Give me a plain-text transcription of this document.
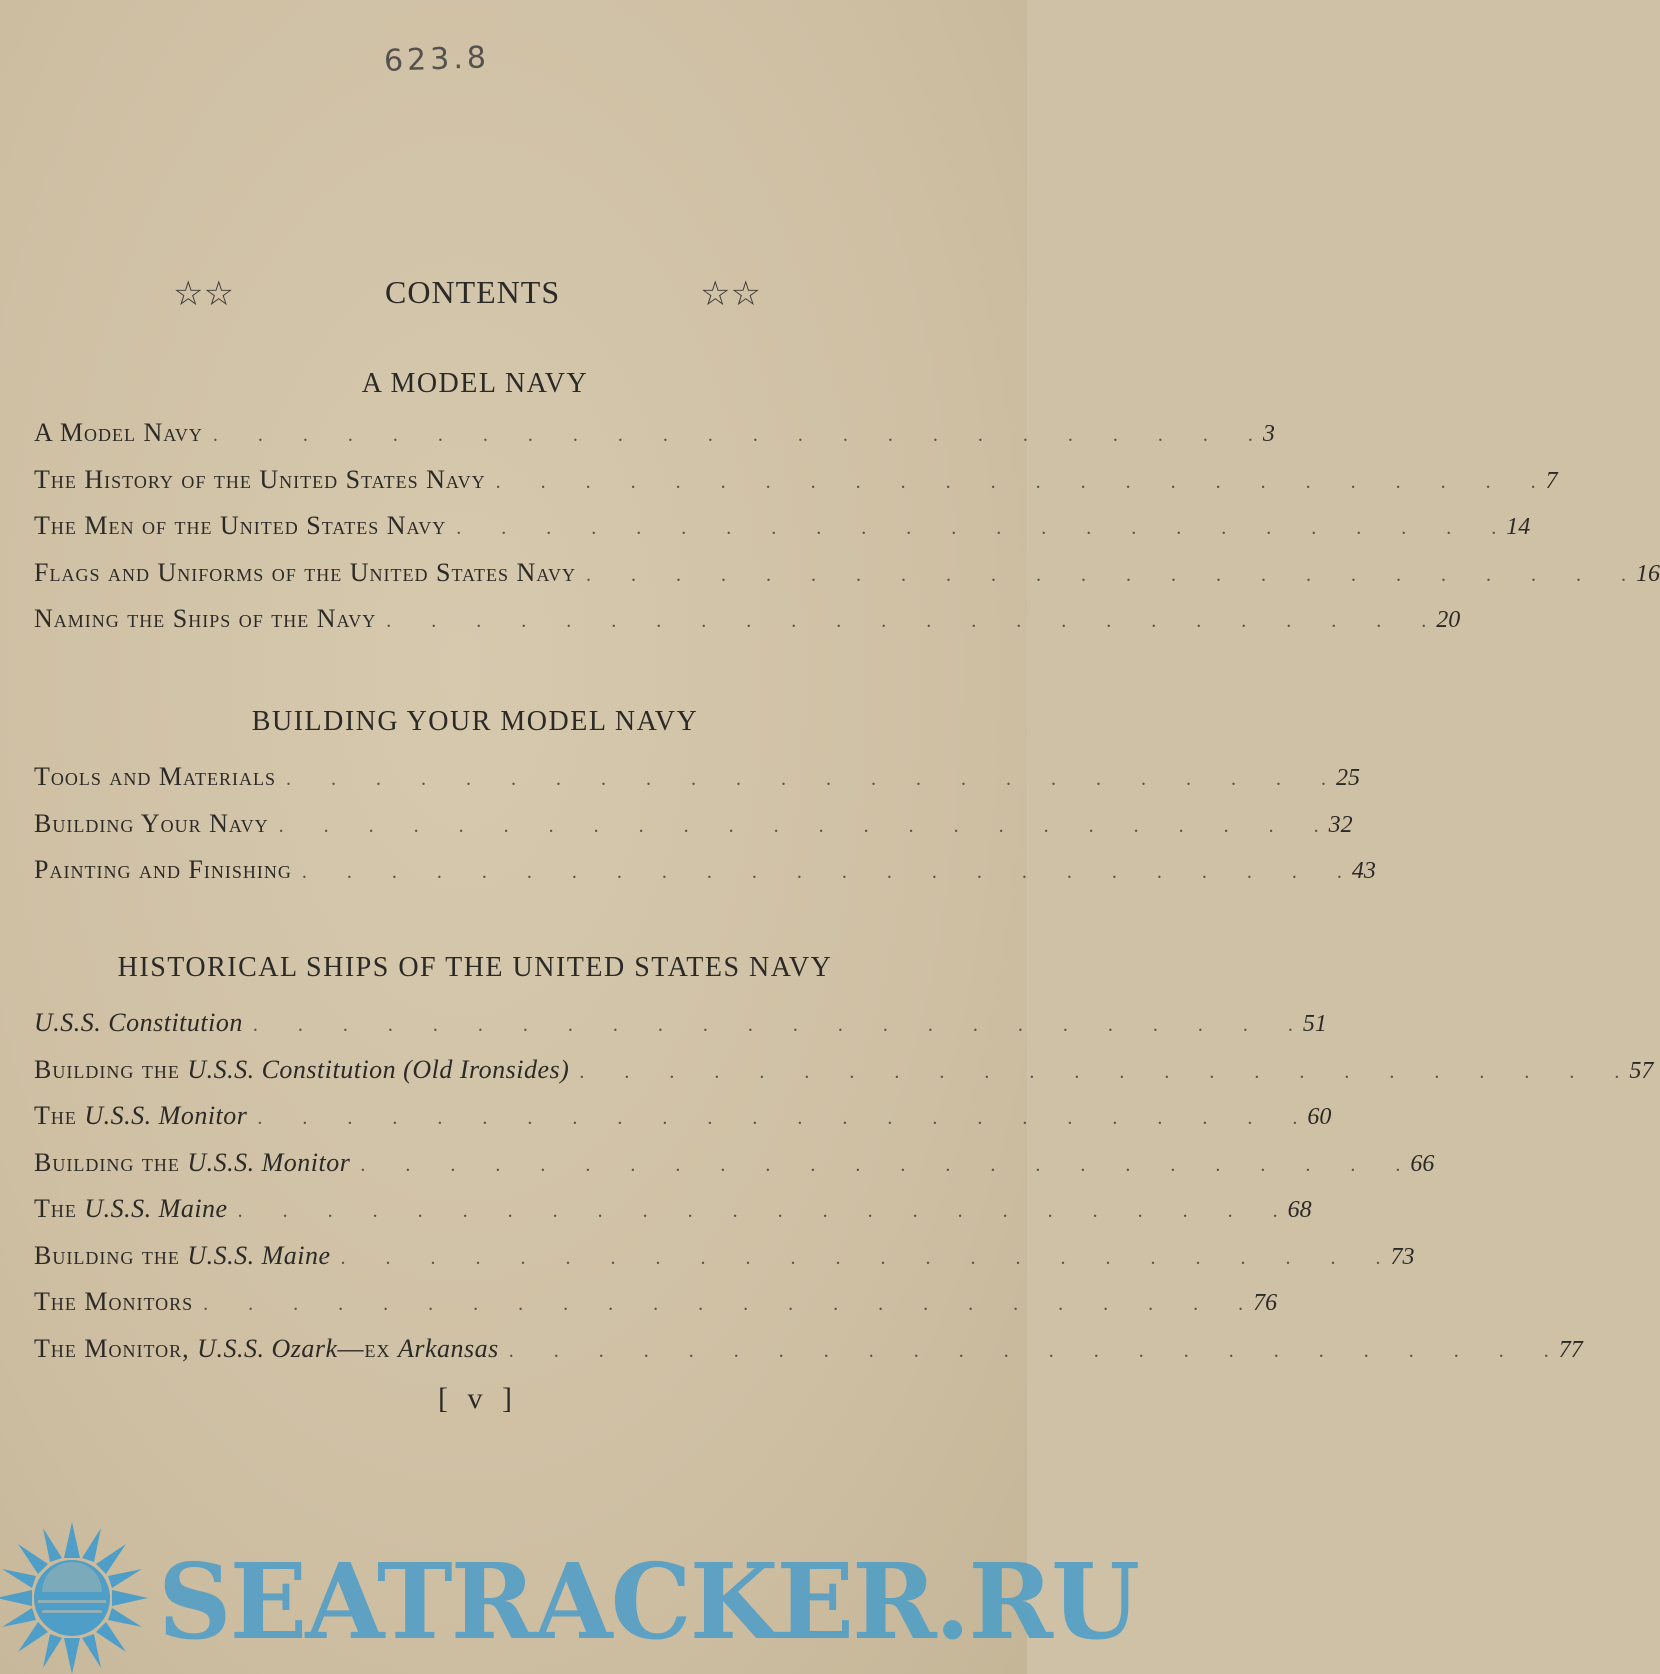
623.8
☆☆	CONTENTS	☆☆
A MODEL NAVY
A Model Navy .	3
The History of the United States Navy .	7
The Men of the United States Navy .	14
Flags and Uniforms of the United States Navy .	16
Naming the Ships of the Navy .	20
BUILDING YOUR MODEL NAVY
Tools and Materials .	25
Building Your Navy .	32
Painting and Finishing .	43
HISTORICAL SHIPS OF THE UNITED STATES NAVY
U.S.S. Constitution .	51
Building the U.S.S. Constitution (Old Ironsides) .	57
The U.S.S. Monitor .	60
Building the U.S.S. Monitor .	66
The U.S.S. Maine .	68
Building the U.S.S. Maine .	73
The Monitors .	76
The Monitor, U.S.S. Ozark—ex Arkansas .	77
[ v ]
SEATRACKER.RU
